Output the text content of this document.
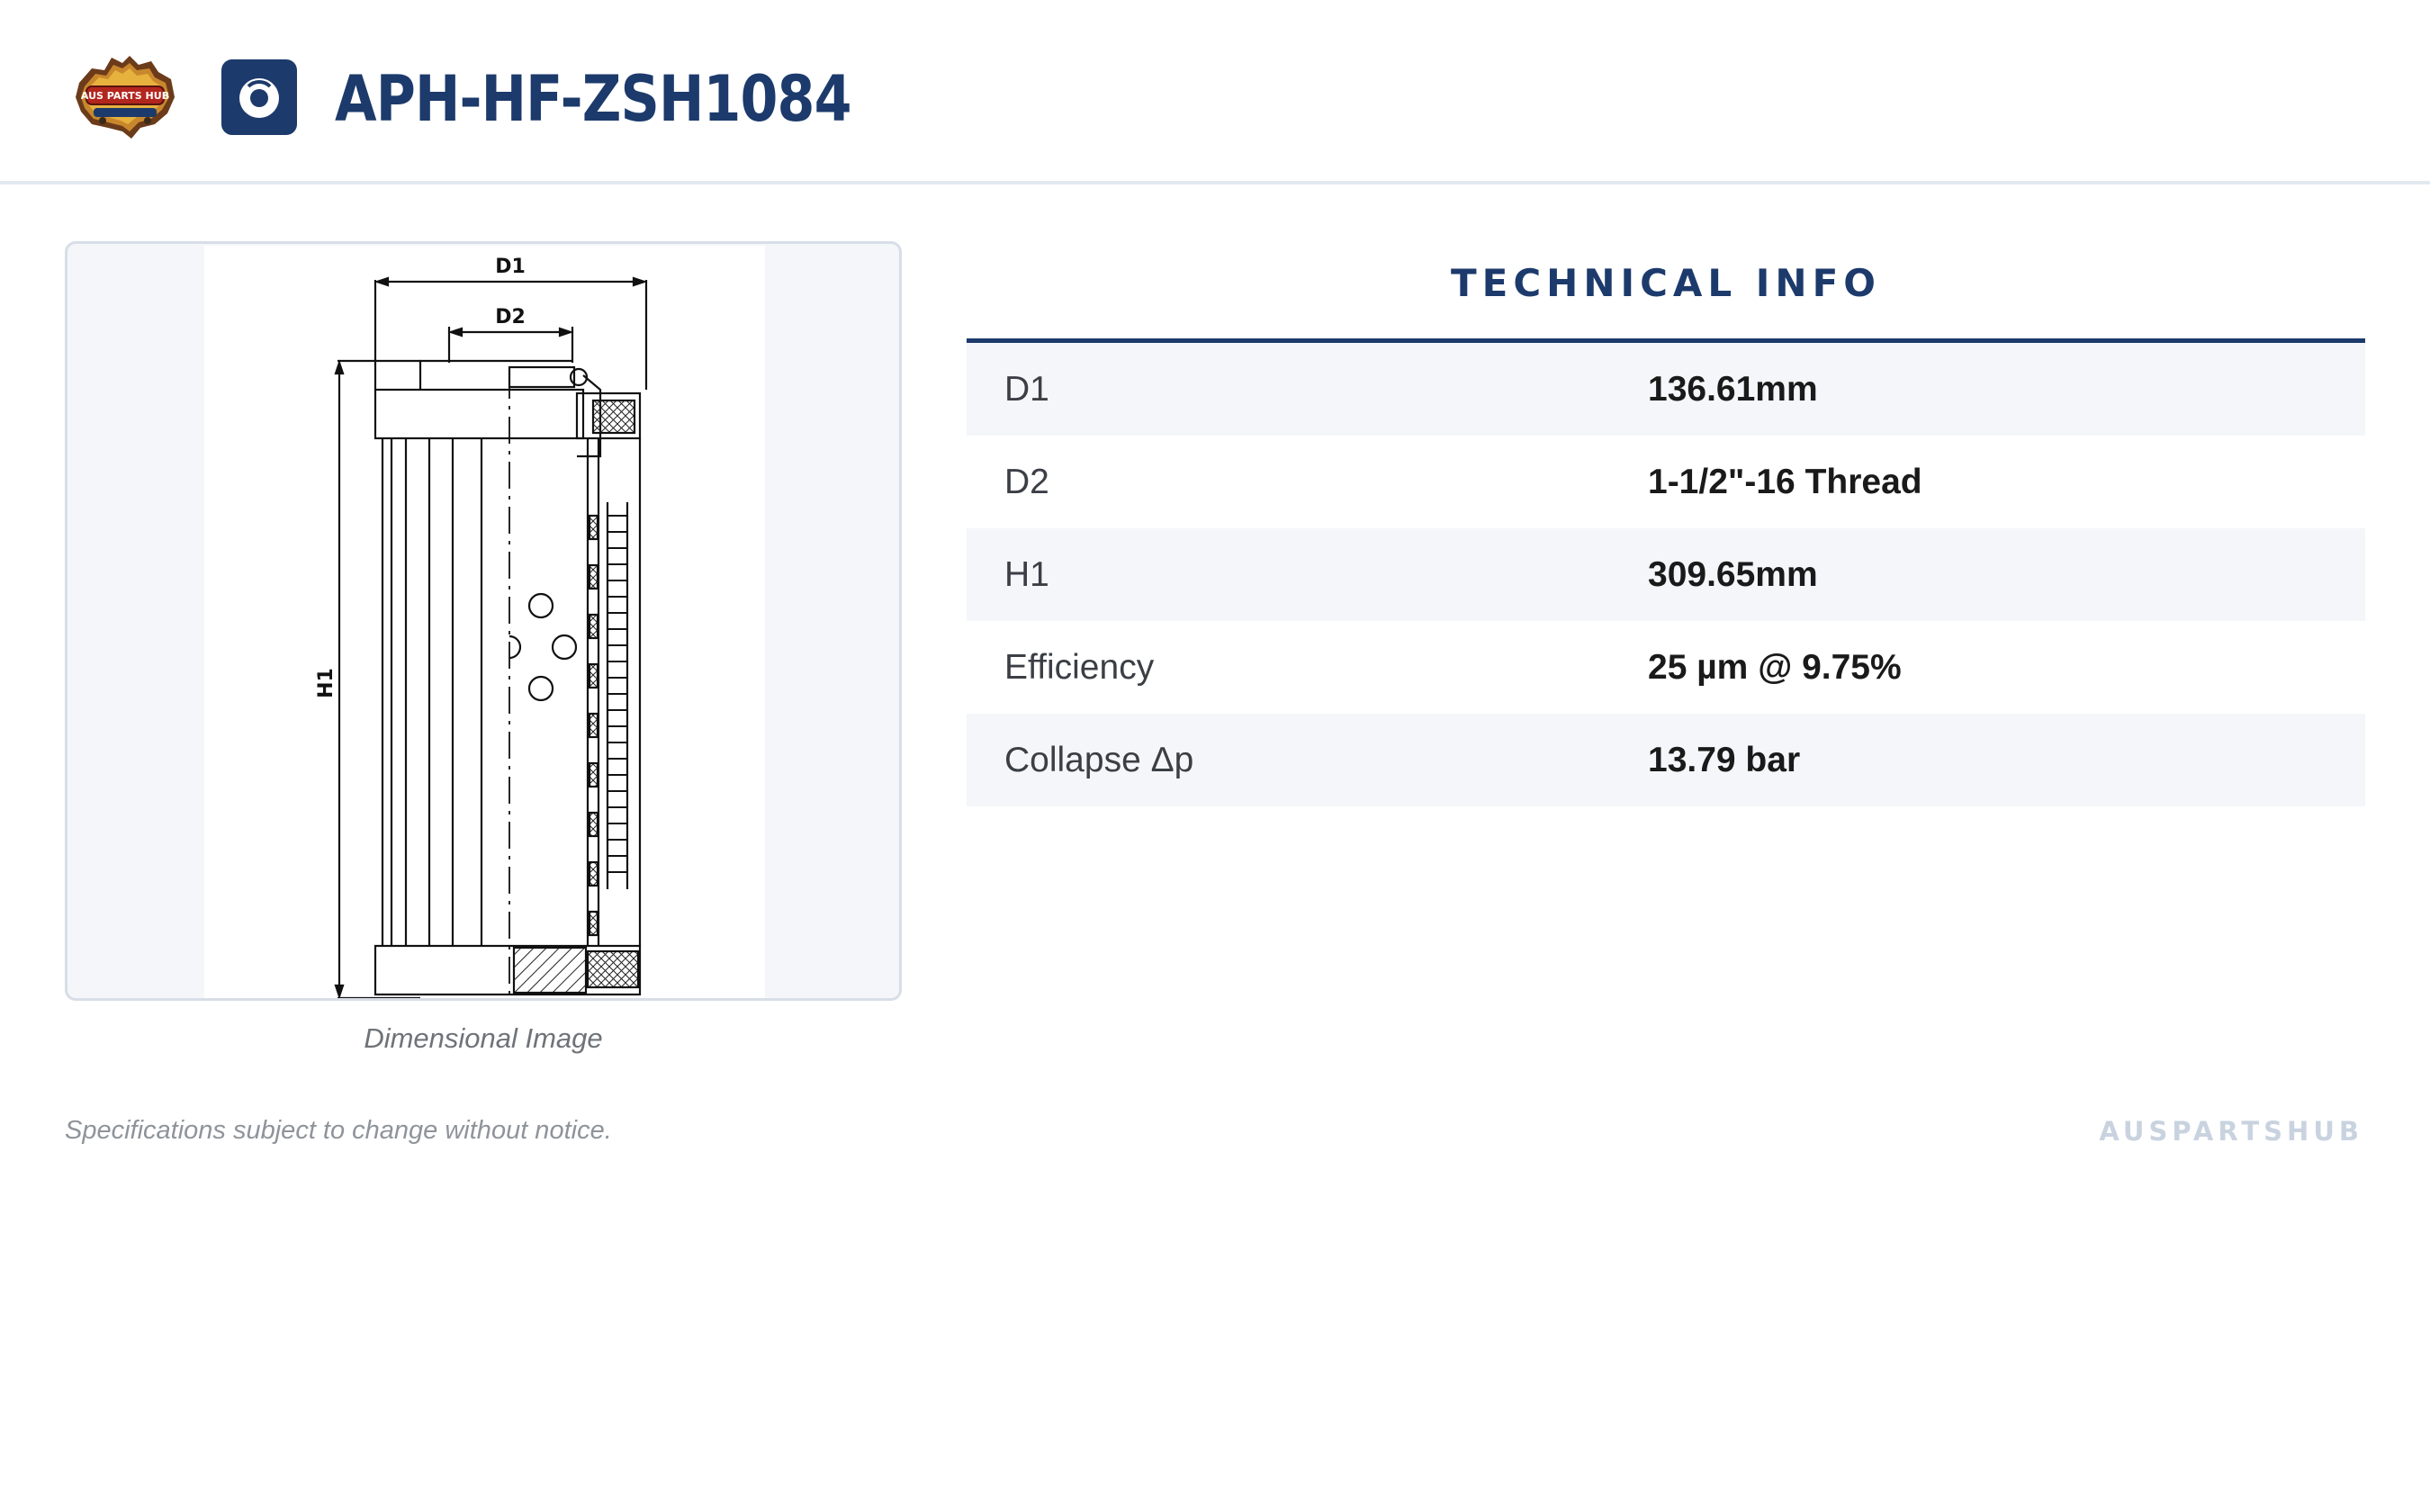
AUS PARTS HUB	APH-HF-ZSH1084
D1
D2
H1
Dimensional Image
TECHNICAL INFO
D1	136.61mm
D2	1-1/2"-16 Thread
H1	309.65mm
Efficiency	25 µm @ 9.75%
Collapse Δp	13.79 bar
Specifications subject to change without notice.	AUSPARTSHUB
